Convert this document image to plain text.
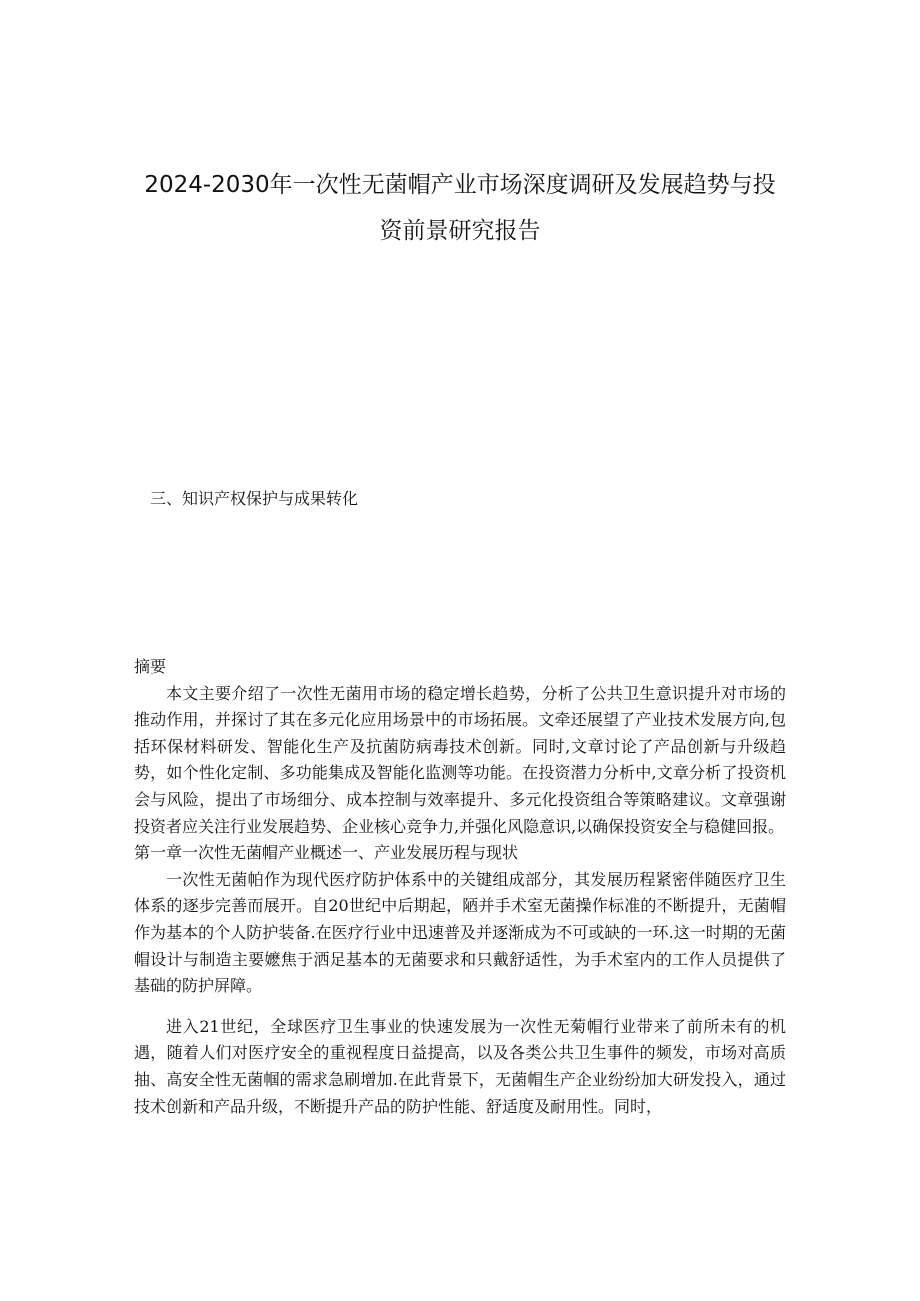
2024-2030年一次性无菌帽产业市场深度调研及发展趋势与投
资前景研究报告
三、知识产权保护与成果转化

摘要

本文主要介绍了一次性无菌用市场的稳定增长趋势，分析了公共卫生意识提升对市场的推动作用，并探讨了其在多元化应用场景中的市场拓展。文牵还展望了产业技术发展方向,包括环保材料研发、智能化生产及抗菌防病毒技术创新。同时,文章讨论了产品创新与升级趋势，如个性化定制、多功能集成及智能化监测等功能。在投资潜力分析中,文章分析了投资机会与风险，提出了市场细分、成本控制与效率提升、多元化投资组合等策略建议。文章强谢投资者应关注行业发展趋势、企业核心竞争力,并强化风隐意识,以确保投资安全与稳健回报。

第一章一次性无菌帽产业概述一、产业发展历程与现状

一次性无菌帕作为现代医疗防护体系中的关键组成部分，其发展历程紧密伴随医疗卫生体系的逐步完善而展开。自20世纪中后期起，陋并手术室无菌操作标准的不断提升，无菌帽作为基本的个人防护装备.在医疗行业中迅速普及并逐渐成为不可或缺的一环.这一时期的无菌帽设计与制造主要嬷焦于洒足基本的无菌要求和只戴舒适性，为手术室内的工作人员提供了基础的防护屏障。

进入21世纪，全球医疗卫生事业的快速发展为一次性无菊帽行业带来了前所未有的机遇，随着人们对医疗安全的重视程度日益提高，以及各类公共卫生事件的频发，市场对高质抽、高安全性无菌帼的需求急刷增加.在此背景下，无菌帽生产企业纷纷加大研发投入，通过技术创新和产品升级，不断提升产品的防护性能、舒适度及耐用性。同时，
